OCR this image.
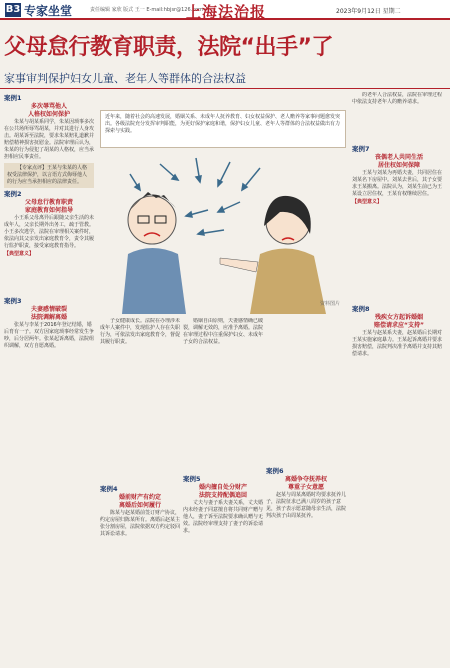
B3 专家坐堂	责任编辑 家欣 版式 王一 E-mail:hbjsr@126.com
上海法治报	2023年9月12日 星期二
父母怠行教育职责，法院“出手”了
家事审判保护妇女儿童、老年人等群体的合法权益
案例1
多次辱骂他人
人格权如何保护
朱某与胡某系同学，朱某因琐事多次在公共场所辱骂胡某，并对其进行人身攻击。胡某诉至法院，要求朱某赔礼道歉并赔偿精神损害抚慰金。法院审理后认为，朱某的行为侵犯了胡某的人格权，应当承担相应民事责任。
【专家点评】王某与朱某的人格权受法律保护，以言语方式侮辱他人的行为应当承担相应的法律责任。
案例2
父母怠行教育职责
家庭教育如何指导
小王系父母离异后跟随父亲生活的未成年人，父亲长期外出务工，疏于管教。小王多次逃学，法院在审理相关案件时，依法向其父亲发出家庭教育令，责令其履行监护职责，接受家庭教育指导。
【典型意义】
案例3
夫妻感情破裂
法院调解离婚
张某与李某于2016年登记结婚，婚后育有一子。双方因家庭琐事经常发生争吵，后分居两年。张某起诉离婚，法院组织调解，双方自愿离婚。
近年来，随着社会的高速发展，婚姻关系、未成年人抚养教育、妇女权益保护、老人赡养等家事问题愈发突出。各级法院充分发挥审判职能，为更好保护家庭和谐，保护妇女儿童、老年人等群体的合法权益做出有力探索与实践。
资料图片
子女健康成长。法院在办理涉未成年人案件中，发现监护人存在失职行为，可依法发出家庭教育令，督促其履行职责。
案例4
婚前财产有约定
离婚后如何履行
陈某与赵某婚前签订财产协议，约定房屋归陈某所有。离婚后赵某主张分割房屋，法院依据双方约定驳回其诉讼请求。
婚姻自由原则，夫妻感情确已破裂，调解无效的，应准予离婚。法院在审理过程中注重保护妇女、未成年子女的合法权益。
案例5
婚内擅自处分财产
法院支持配偶追回
丈夫与妻子系夫妻关系，丈夫婚内未经妻子同意擅自将共同财产赠与他人，妻子诉至法院要求确认赠与无效。法院经审理支持了妻子的诉讼请求。
案例6
离婚争夺抚养权
尊重子女意愿
赵某与周某离婚时均要求抚养儿子，法院征求已满八周岁的孩子意见，孩子表示愿意随母亲生活，法院判决孩子由周某抚养。
的老年人合法权益，法院在审理过程中依法支持老年人的赡养请求。
案例7
丧偶老人共同生活
居住权如何保障
王某与刘某为再婚夫妻，共同居住在刘某名下房屋中。刘某去世后，其子女要求王某搬离。法院认为，刘某生前已为王某设立居住权，王某有权继续居住。
【典型意义】
案例8
残疾女方起诉婚姻
赔偿请求应“支持”
王某与赵某系夫妻，赵某婚后长期对王某实施家庭暴力。王某起诉离婚并要求损害赔偿，法院判决准予离婚并支持其赔偿请求。
